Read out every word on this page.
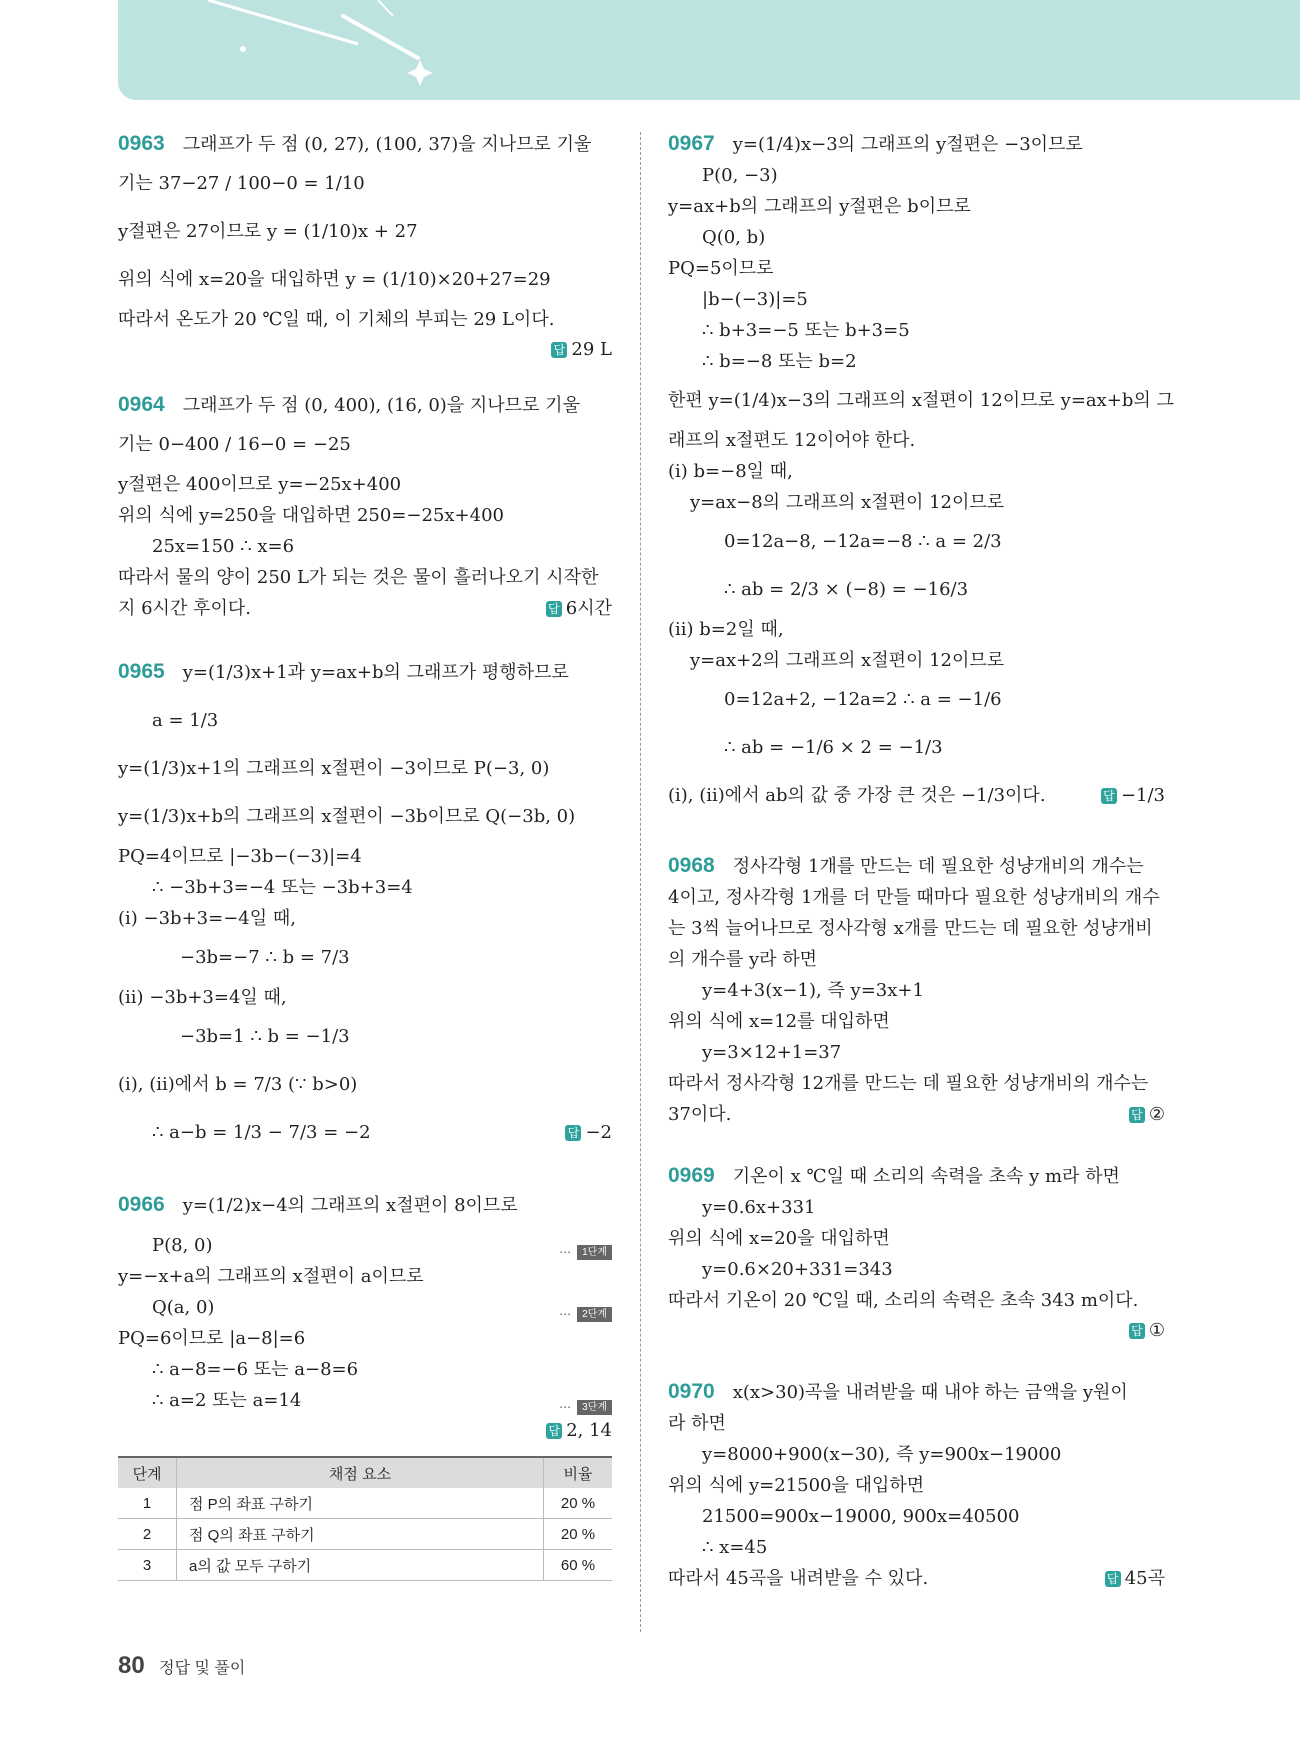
0963 그래프가 두 점 (0, 27), (100, 37)을 지나므로 기울
기는 37−27 / 100−0 = 1/10
y절편은 27이므로 y = (1/10)x + 27
위의 식에 x=20을 대입하면 y = (1/10)×20+27=29
따라서 온도가 20 ℃일 때, 이 기체의 부피는 29 L이다.
답 29 L
0964 그래프가 두 점 (0, 400), (16, 0)을 지나므로 기울
기는 0−400 / 16−0 = −25
y절편은 400이므로 y=−25x+400
위의 식에 y=250을 대입하면 250=−25x+400
25x=150 ∴ x=6
따라서 물의 양이 250 L가 되는 것은 물이 흘러나오기 시작한
지 6시간 후이다.	답 6시간
0965 y=(1/3)x+1과 y=ax+b의 그래프가 평행하므로
a = 1/3
y=(1/3)x+1의 그래프의 x절편이 −3이므로 P(−3, 0)
y=(1/3)x+b의 그래프의 x절편이 −3b이므로 Q(−3b, 0)
PQ=4이므로 |−3b−(−3)|=4
∴ −3b+3=−4 또는 −3b+3=4
(i) −3b+3=−4일 때,
−3b=−7 ∴ b = 7/3
(ii) −3b+3=4일 때,
−3b=1 ∴ b = −1/3
(i), (ii)에서 b = 7/3 (∵ b>0)
∴ a−b = 1/3 − 7/3 = −2	답 −2
0966 y=(1/2)x−4의 그래프의 x절편이 8이므로
P(8, 0)	⋯ 1단계
y=−x+a의 그래프의 x절편이 a이므로
Q(a, 0)	⋯ 2단계
PQ=6이므로 |a−8|=6
∴ a−8=−6 또는 a−8=6
∴ a=2 또는 a=14	⋯ 3단계
답 2, 14
단계	채점 요소	비율
1	점 P의 좌표 구하기	20 %
2	점 Q의 좌표 구하기	20 %
3	a의 값 모두 구하기	60 %
0967 y=(1/4)x−3의 그래프의 y절편은 −3이므로
P(0, −3)
y=ax+b의 그래프의 y절편은 b이므로
Q(0, b)
PQ=5이므로
|b−(−3)|=5
∴ b+3=−5 또는 b+3=5
∴ b=−8 또는 b=2
한편 y=(1/4)x−3의 그래프의 x절편이 12이므로 y=ax+b의 그
래프의 x절편도 12이어야 한다.
(i) b=−8일 때,
y=ax−8의 그래프의 x절편이 12이므로
0=12a−8, −12a=−8 ∴ a = 2/3
∴ ab = 2/3 × (−8) = −16/3
(ii) b=2일 때,
y=ax+2의 그래프의 x절편이 12이므로
0=12a+2, −12a=2 ∴ a = −1/6
∴ ab = −1/6 × 2 = −1/3
(i), (ii)에서 ab의 값 중 가장 큰 것은 −1/3이다.	답 −1/3
0968 정사각형 1개를 만드는 데 필요한 성냥개비의 개수는
4이고, 정사각형 1개를 더 만들 때마다 필요한 성냥개비의 개수
는 3씩 늘어나므로 정사각형 x개를 만드는 데 필요한 성냥개비
의 개수를 y라 하면
y=4+3(x−1), 즉 y=3x+1
위의 식에 x=12를 대입하면
y=3×12+1=37
따라서 정사각형 12개를 만드는 데 필요한 성냥개비의 개수는
37이다.	답 ②
0969 기온이 x ℃일 때 소리의 속력을 초속 y m라 하면
y=0.6x+331
위의 식에 x=20을 대입하면
y=0.6×20+331=343
따라서 기온이 20 ℃일 때, 소리의 속력은 초속 343 m이다.
답 ①
0970 x(x>30)곡을 내려받을 때 내야 하는 금액을 y원이
라 하면
y=8000+900(x−30), 즉 y=900x−19000
위의 식에 y=21500을 대입하면
21500=900x−19000, 900x=40500
∴ x=45
따라서 45곡을 내려받을 수 있다.	답 45곡
80 정답 및 풀이
